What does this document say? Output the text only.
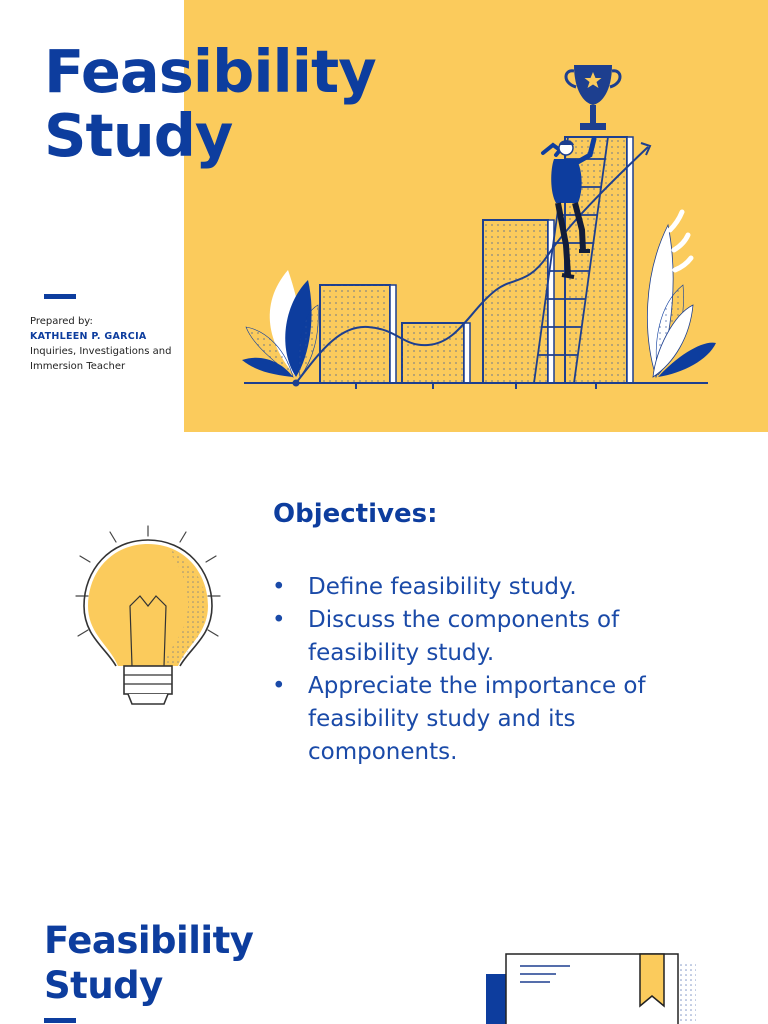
Feasibility
Study
Prepared by:
KATHLEEN P. GARCIA
Inquiries, Investigations and
Immersion Teacher
Objectives:
• Define feasibility study.
• Discuss the components of feasibility study.
• Appreciate the importance of feasibility study and its components.
Feasibility
Study
